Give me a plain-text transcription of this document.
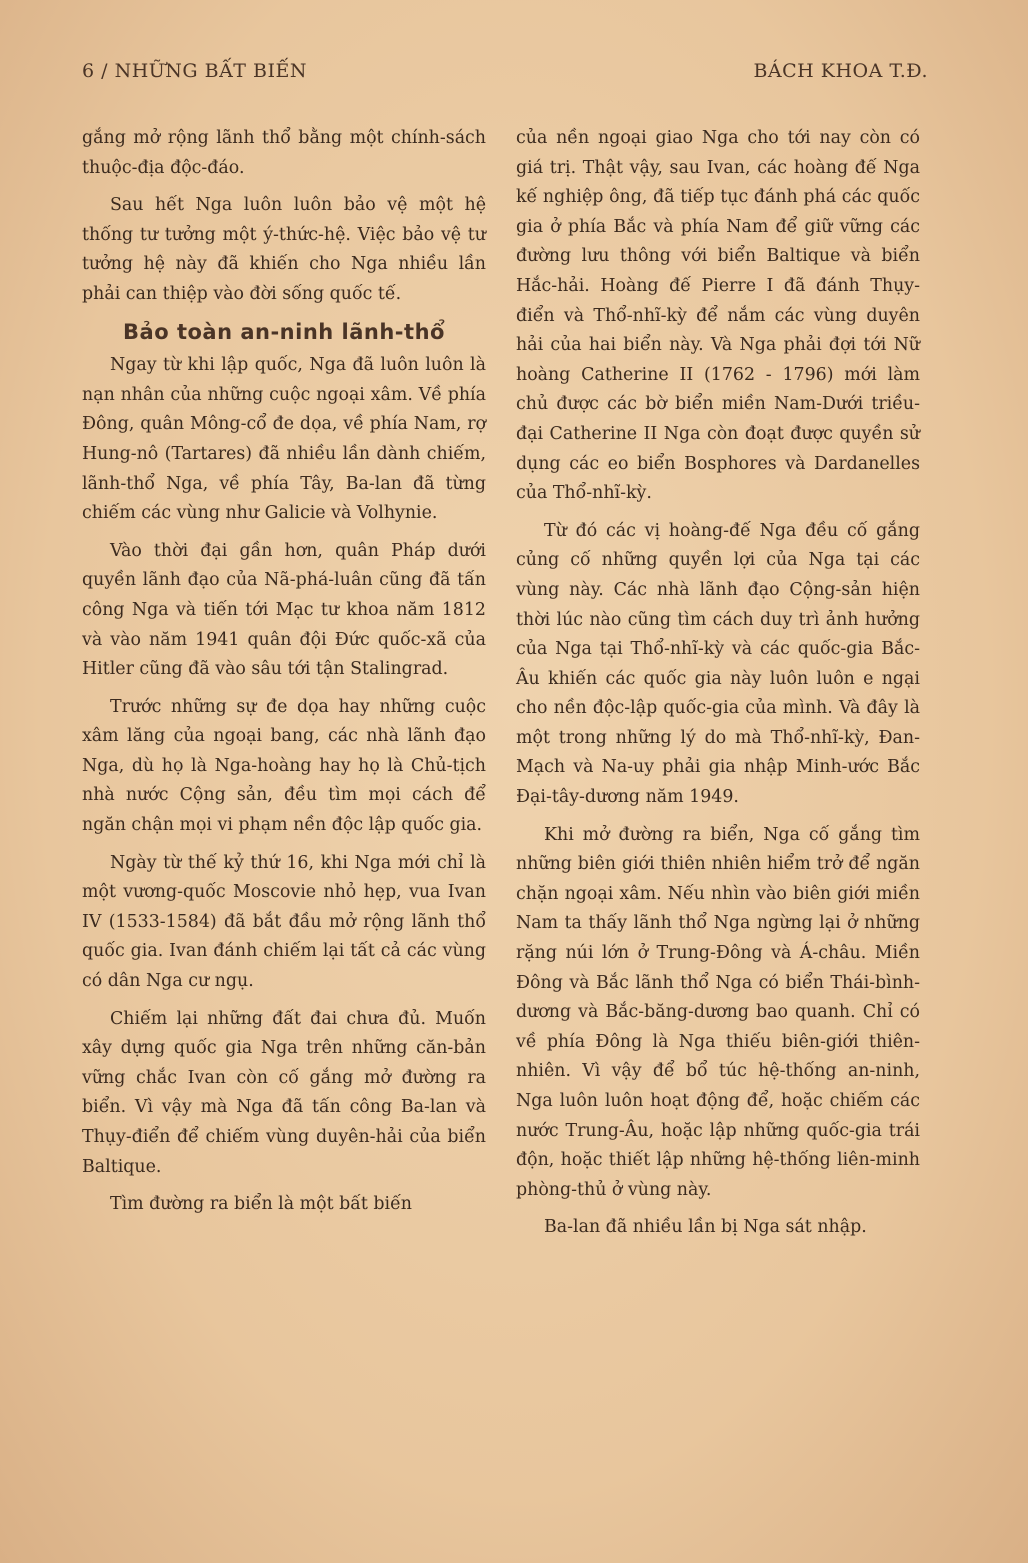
6 / NHỮNG BẤT BIẾN	BÁCH KHOA T.Đ.

gắng mở rộng lãnh thổ bằng một chính-sách thuộc-địa độc-đáo.

Sau hết Nga luôn luôn bảo vệ một hệ thống tư tưởng một ý-thức-hệ. Việc bảo vệ tư tưởng hệ này đã khiến cho Nga nhiều lần phải can thiệp vào đời sống quốc tế.

Bảo toàn an-ninh lãnh-thổ

Ngay từ khi lập quốc, Nga đã luôn luôn là nạn nhân của những cuộc ngoại xâm. Về phía Đông, quân Mông-cổ đe dọa, về phía Nam, rợ Hung-nô (Tartares) đã nhiều lần dành chiếm, lãnh-thổ Nga, về phía Tây, Ba-lan đã từng chiếm các vùng như Galicie và Volhynie.

Vào thời đại gần hơn, quân Pháp dưới quyền lãnh đạo của Nã-phá-luân cũng đã tấn công Nga và tiến tới Mạc tư khoa năm 1812 và vào năm 1941 quân đội Đức quốc-xã của Hitler cũng đã vào sâu tới tận Stalingrad.

Trước những sự đe dọa hay những cuộc xâm lăng của ngoại bang, các nhà lãnh đạo Nga, dù họ là Nga-hoàng hay họ là Chủ-tịch nhà nước Cộng sản, đều tìm mọi cách để ngăn chận mọi vi phạm nền độc lập quốc gia.

Ngày từ thế kỷ thứ 16, khi Nga mới chỉ là một vương-quốc Moscovie nhỏ hẹp, vua Ivan IV (1533-1584) đã bắt đầu mở rộng lãnh thổ quốc gia. Ivan đánh chiếm lại tất cả các vùng có dân Nga cư ngụ.

Chiếm lại những đất đai chưa đủ. Muốn xây dựng quốc gia Nga trên những căn-bản vững chắc Ivan còn cố gắng mở đường ra biển. Vì vậy mà Nga đã tấn công Ba-lan và Thụy-điển để chiếm vùng duyên-hải của biển Baltique.

Tìm đường ra biển là một bất biến

của nền ngoại giao Nga cho tới nay còn có giá trị. Thật vậy, sau Ivan, các hoàng đế Nga kế nghiệp ông, đã tiếp tục đánh phá các quốc gia ở phía Bắc và phía Nam để giữ vững các đường lưu thông với biển Baltique và biển Hắc-hải. Hoàng đế Pierre I đã đánh Thụy-điển và Thổ-nhĩ-kỳ để nắm các vùng duyên hải của hai biển này. Và Nga phải đợi tới Nữ hoàng Catherine II (1762 - 1796) mới làm chủ được các bờ biển miền Nam-Dưới triều-đại Catherine II Nga còn đoạt được quyền sử dụng các eo biển Bosphores và Dardanelles của Thổ-nhĩ-kỳ.

Từ đó các vị hoàng-đế Nga đều cố gắng củng cố những quyền lợi của Nga tại các vùng này. Các nhà lãnh đạo Cộng-sản hiện thời lúc nào cũng tìm cách duy trì ảnh hưởng của Nga tại Thổ-nhĩ-kỳ và các quốc-gia Bắc-Âu khiến các quốc gia này luôn luôn e ngại cho nền độc-lập quốc-gia của mình. Và đây là một trong những lý do mà Thổ-nhĩ-kỳ, Đan-Mạch và Na-uy phải gia nhập Minh-ước Bắc Đại-tây-dương năm 1949.

Khi mở đường ra biển, Nga cố gắng tìm những biên giới thiên nhiên hiểm trở để ngăn chặn ngoại xâm. Nếu nhìn vào biên giới miền Nam ta thấy lãnh thổ Nga ngừng lại ở những rặng núi lớn ở Trung-Đông và Á-châu. Miền Đông và Bắc lãnh thổ Nga có biển Thái-bình-dương và Bắc-băng-dương bao quanh. Chỉ có về phía Đông là Nga thiếu biên-giới thiên-nhiên. Vì vậy để bổ túc hệ-thống an-ninh, Nga luôn luôn hoạt động để, hoặc chiếm các nước Trung-Âu, hoặc lập những quốc-gia trái độn, hoặc thiết lập những hệ-thống liên-minh phòng-thủ ở vùng này.

Ba-lan đã nhiều lần bị Nga sát nhập.
